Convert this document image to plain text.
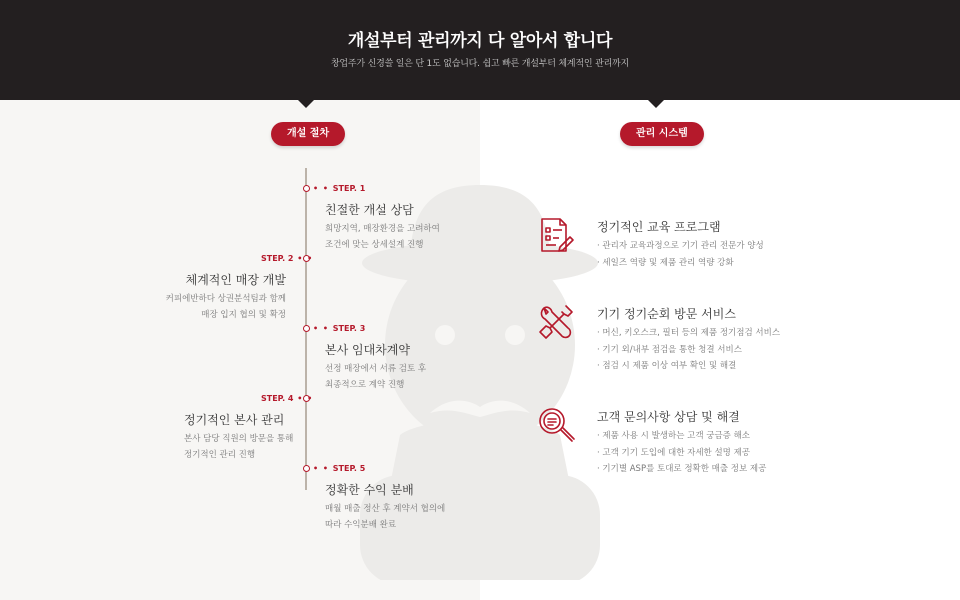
개설부터 관리까지 다 알아서 합니다
창업주가 신경쓸 일은 단 1도 없습니다. 쉽고 빠른 개설부터 체계적인 관리까지
개설 절차	관리 시스템
• • STEP. 1
친절한 개설 상담
희망지역, 매장환경을 고려하여
조건에 맞는 상세설계 진행
STEP. 2 • •
체계적인 매장 개발
커피에반하다 상권분석팀과 함께
매장 입지 협의 및 확정
• • STEP. 3
본사 임대차계약
선정 매장에서 서류 검토 후
최종적으로 계약 진행
STEP. 4 • •
정기적인 본사 관리
본사 담당 직원의 방문을 통해
정기적인 관리 진행
• • STEP. 5
정확한 수익 분배
매월 매출 정산 후 계약서 협의에
따라 수익분배 완료
정기적인 교육 프로그램
· 관리자 교육과정으로 기기 관리 전문가 양성
· 세일즈 역량 및 제품 관리 역량 강화
기기 정기순회 방문 서비스
· 머신, 키오스크, 필터 등의 제품 정기점검 서비스
· 기기 외/내부 점검을 통한 청결 서비스
· 점검 시 제품 이상 여부 확인 및 해결
고객 문의사항 상담 및 해결
· 제품 사용 시 발생하는 고객 궁금증 해소
· 고객 기기 도입에 대한 자세한 설명 제공
· 기기별 ASP를 토대로 정확한 매출 정보 제공
